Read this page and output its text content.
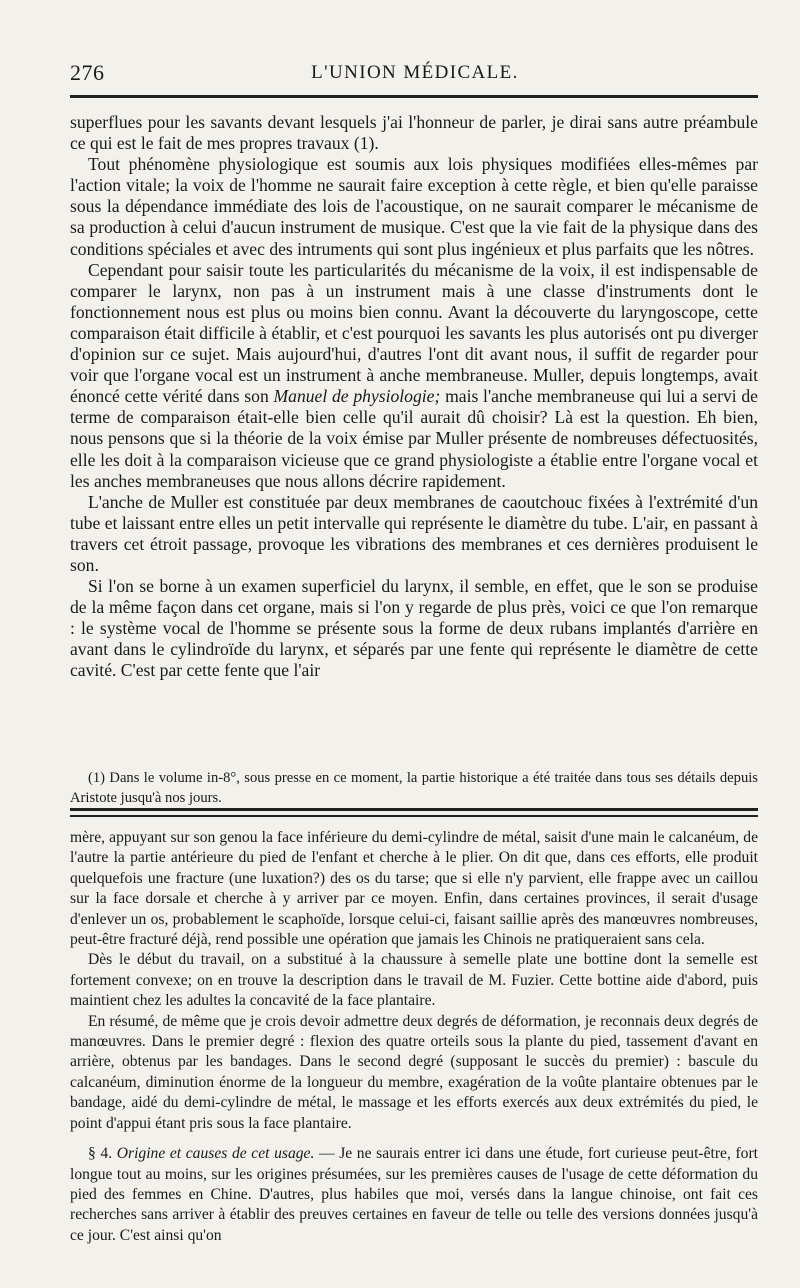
276	L'UNION MÉDICALE.

superflues pour les savants devant lesquels j'ai l'honneur de parler, je dirai sans autre préambule ce qui est le fait de mes propres travaux (1).

Tout phénomène physiologique est soumis aux lois physiques modifiées elles-mêmes par l'action vitale; la voix de l'homme ne saurait faire exception à cette règle, et bien qu'elle paraisse sous la dépendance immédiate des lois de l'acoustique, on ne saurait comparer le mécanisme de sa production à celui d'aucun instrument de musique. C'est que la vie fait de la physique dans des conditions spéciales et avec des intruments qui sont plus ingénieux et plus parfaits que les nôtres.

Cependant pour saisir toute les particularités du mécanisme de la voix, il est indispensable de comparer le larynx, non pas à un instrument mais à une classe d'instruments dont le fonctionnement nous est plus ou moins bien connu. Avant la découverte du laryngoscope, cette comparaison était difficile à établir, et c'est pourquoi les savants les plus autorisés ont pu diverger d'opinion sur ce sujet. Mais aujourd'hui, d'autres l'ont dit avant nous, il suffit de regarder pour voir que l'organe vocal est un instrument à anche membraneuse. Muller, depuis longtemps, avait énoncé cette vérité dans son Manuel de physiologie; mais l'anche membraneuse qui lui a servi de terme de comparaison était-elle bien celle qu'il aurait dû choisir? Là est la question. Eh bien, nous pensons que si la théorie de la voix émise par Muller présente de nombreuses défectuosités, elle les doit à la comparaison vicieuse que ce grand physiologiste a établie entre l'organe vocal et les anches membraneuses que nous allons décrire rapidement.

L'anche de Muller est constituée par deux membranes de caoutchouc fixées à l'extrémité d'un tube et laissant entre elles un petit intervalle qui représente le diamètre du tube. L'air, en passant à travers cet étroit passage, provoque les vibrations des membranes et ces dernières produisent le son.

Si l'on se borne à un examen superficiel du larynx, il semble, en effet, que le son se produise de la même façon dans cet organe, mais si l'on y regarde de plus près, voici ce que l'on remarque : le système vocal de l'homme se présente sous la forme de deux rubans implantés d'arrière en avant dans le cylindroïde du larynx, et séparés par une fente qui représente le diamètre de cette cavité. C'est par cette fente que l'air

(1) Dans le volume in-8°, sous presse en ce moment, la partie historique a été traitée dans tous ses détails depuis Aristote jusqu'à nos jours.

mère, appuyant sur son genou la face inférieure du demi-cylindre de métal, saisit d'une main le calcanéum, de l'autre la partie antérieure du pied de l'enfant et cherche à le plier. On dit que, dans ces efforts, elle produit quelquefois une fracture (une luxation?) des os du tarse; que si elle n'y parvient, elle frappe avec un caillou sur la face dorsale et cherche à y arriver par ce moyen. Enfin, dans certaines provinces, il serait d'usage d'enlever un os, probablement le scaphoïde, lorsque celui-ci, faisant saillie après des manœuvres nombreuses, peut-être fracturé déjà, rend possible une opération que jamais les Chinois ne pratiqueraient sans cela.

Dès le début du travail, on a substitué à la chaussure à semelle plate une bottine dont la semelle est fortement convexe; on en trouve la description dans le travail de M. Fuzier. Cette bottine aide d'abord, puis maintient chez les adultes la concavité de la face plantaire.

En résumé, de même que je crois devoir admettre deux degrés de déformation, je reconnais deux degrés de manœuvres. Dans le premier degré : flexion des quatre orteils sous la plante du pied, tassement d'avant en arrière, obtenus par les bandages. Dans le second degré (supposant le succès du premier) : bascule du calcanéum, diminution énorme de la longueur du membre, exagération de la voûte plantaire obtenues par le bandage, aidé du demi-cylindre de métal, le massage et les efforts exercés aux deux extrémités du pied, le point d'appui étant pris sous la face plantaire.

§ 4. Origine et causes de cet usage. — Je ne saurais entrer ici dans une étude, fort curieuse peut-être, fort longue tout au moins, sur les origines présumées, sur les premières causes de l'usage de cette déformation du pied des femmes en Chine. D'autres, plus habiles que moi, versés dans la langue chinoise, ont fait ces recherches sans arriver à établir des preuves certaines en faveur de telle ou telle des versions données jusqu'à ce jour. C'est ainsi qu'on
